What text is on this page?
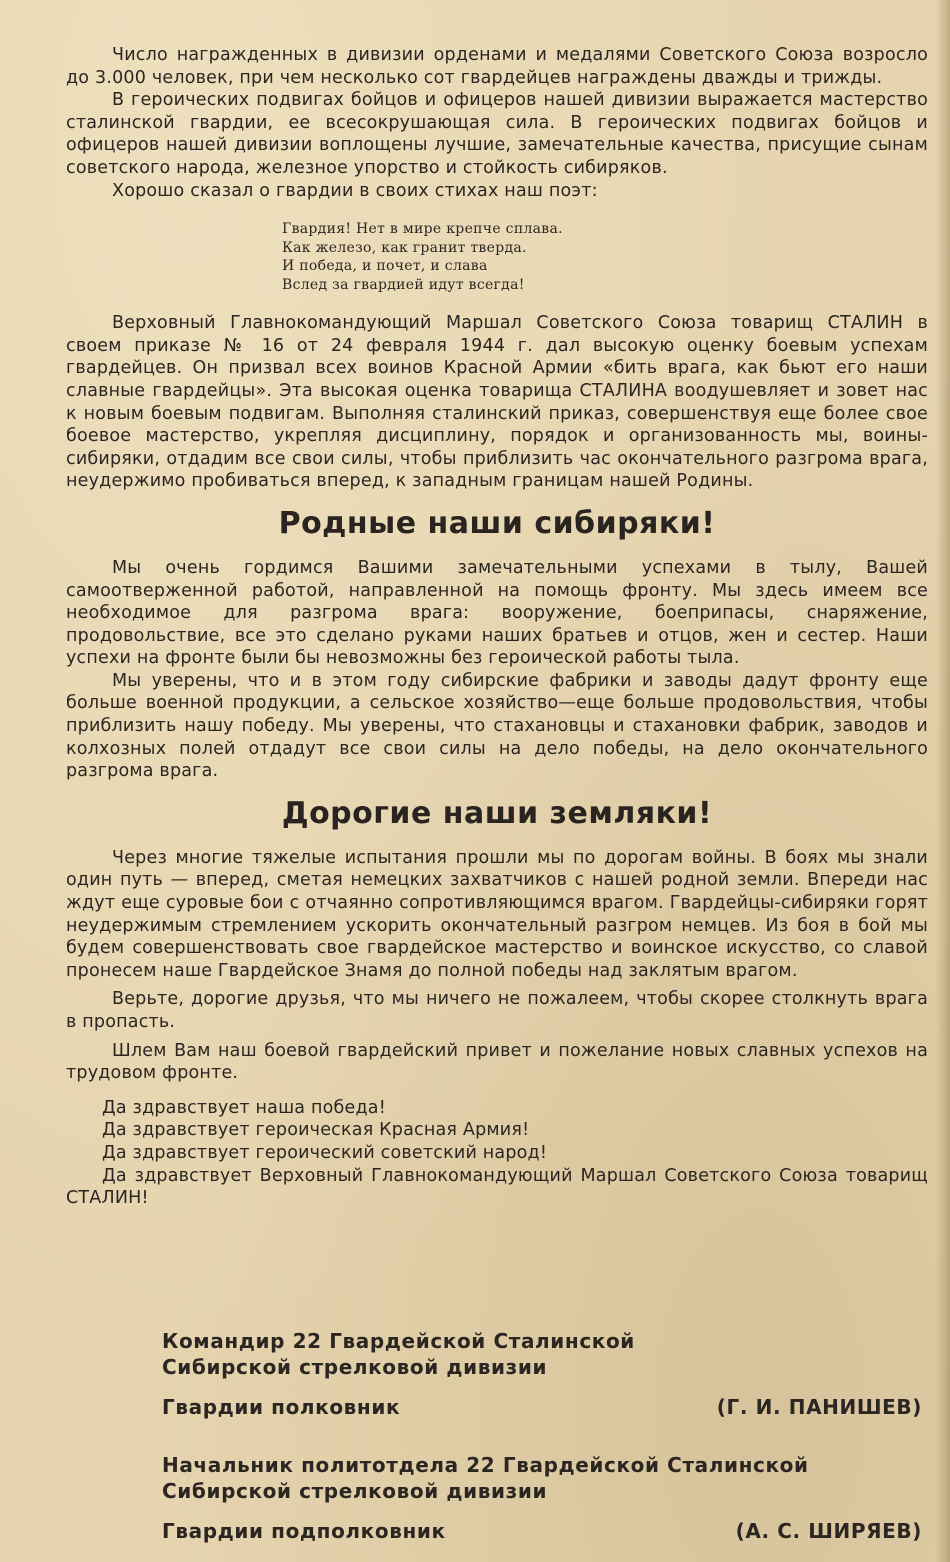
Число награжденных в дивизии орденами и медалями Советского Союза возросло до 3.000 человек, при чем несколько сот гвардейцев награждены дважды и трижды.

В героических подвигах бойцов и офицеров нашей дивизии выражается мастерство сталинской гвардии, ее всесокрушающая сила. В героических подвигах бойцов и офицеров нашей дивизии воплощены лучшие, замечательные качества, присущие сынам советского народа, железное упорство и стойкость сибиряков.

Хорошо сказал о гвардии в своих стихах наш поэт:

Гвардия! Нет в мире крепче сплава.
Как железо, как гранит тверда.
И победа, и почет, и слава
Вслед за гвардией идут всегда!

Верховный Главнокомандующий Маршал Советского Союза товарищ СТАЛИН в своем приказе № 16 от 24 февраля 1944 г. дал высокую оценку боевым успехам гвардейцев. Он призвал всех воинов Красной Армии «бить врага, как бьют его наши славные гвардейцы». Эта высокая оценка товарища СТАЛИНА воодушевляет и зовет нас к новым боевым подвигам. Выполняя сталинский приказ, совершенствуя еще более свое боевое мастерство, укрепляя дисциплину, порядок и организованность мы, воины-сибиряки, отдадим все свои силы, чтобы приблизить час окончательного разгрома врага, неудержимо пробиваться вперед, к западным границам нашей Родины.

Родные наши сибиряки!

Мы очень гордимся Вашими замечательными успехами в тылу, Вашей самоотверженной работой, направленной на помощь фронту. Мы здесь имеем все необходимое для разгрома врага: вооружение, боеприпасы, снаряжение, продовольствие, все это сделано руками наших братьев и отцов, жен и сестер. Наши успехи на фронте были бы невозможны без героической работы тыла.

Мы уверены, что и в этом году сибирские фабрики и заводы дадут фронту еще больше военной продукции, а сельское хозяйство—еще больше продовольствия, чтобы приблизить нашу победу. Мы уверены, что стахановцы и стахановки фабрик, заводов и колхозных полей отдадут все свои силы на дело победы, на дело окончательного разгрома врага.

Дорогие наши земляки!

Через многие тяжелые испытания прошли мы по дорогам войны. В боях мы знали один путь — вперед, сметая немецких захватчиков с нашей родной земли. Впереди нас ждут еще суровые бои с отчаянно сопротивляющимся врагом. Гвардейцы-сибиряки горят неудержимым стремлением ускорить окончательный разгром немцев. Из боя в бой мы будем совершенствовать свое гвардейское мастерство и воинское искусство, со славой пронесем наше Гвардейское Знамя до полной победы над заклятым врагом.

Верьте, дорогие друзья, что мы ничего не пожалеем, чтобы скорее столкнуть врага в пропасть.

Шлем Вам наш боевой гвардейский привет и пожелание новых славных успехов на трудовом фронте.

Да здравствует наша победа!

Да здравствует героическая Красная Армия!

Да здравствует героический советский народ!

Да здравствует Верховный Главнокомандующий Маршал Советского Союза товарищ СТАЛИН!

Командир 22 Гвардейской Сталинской
Сибирской стрелковой дивизии
Гвардии полковник	(Г. И. ПАНИШЕВ)
Начальник политотдела 22 Гвардейской Сталинской
Сибирской стрелковой дивизии
Гвардии подполковник	(А. С. ШИРЯЕВ)
